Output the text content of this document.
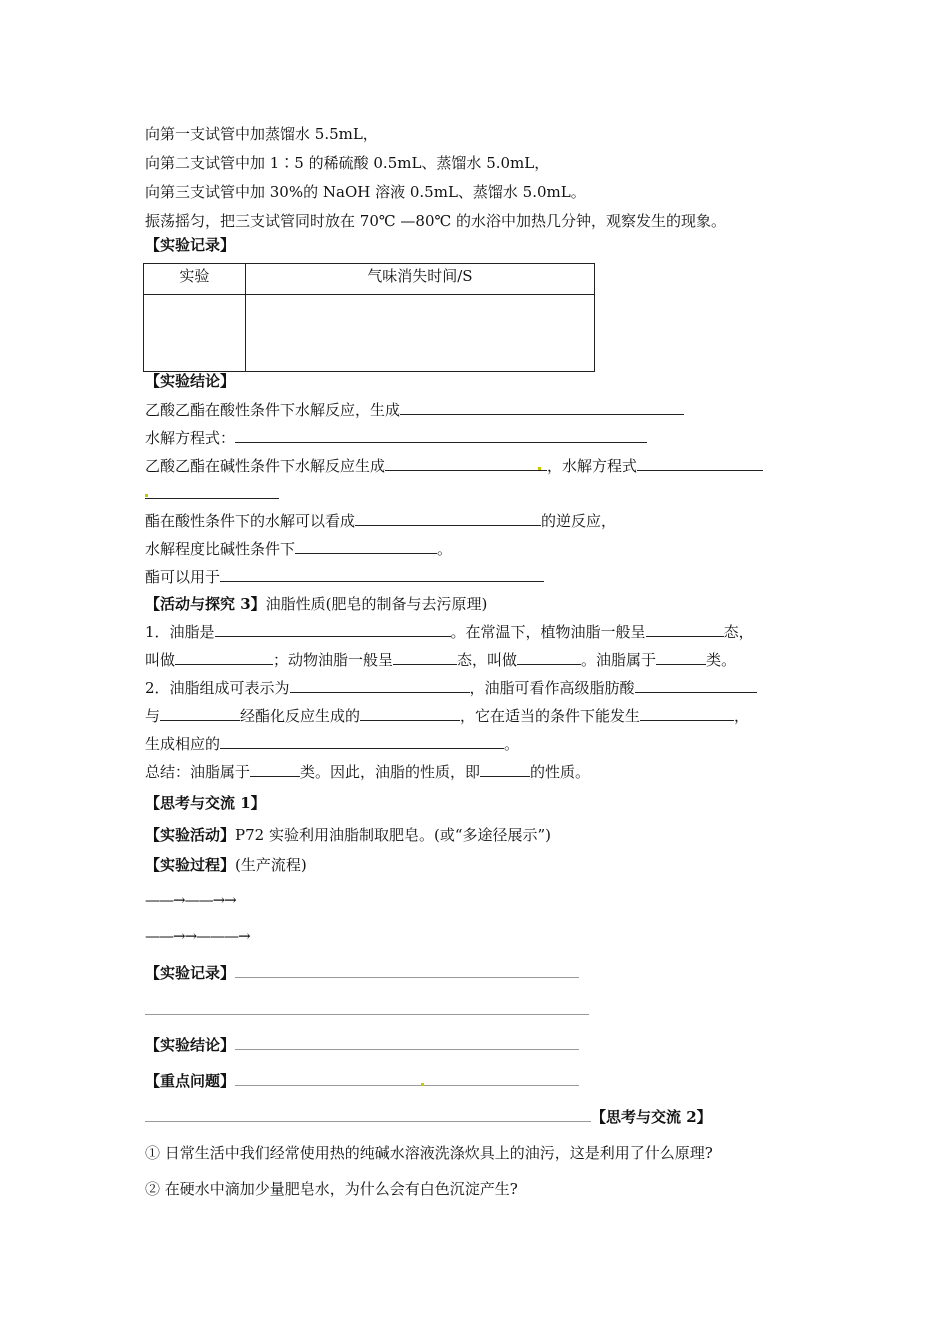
向第一支试管中加蒸馏水 5.5mL，
向第二支试管中加 1∶5 的稀硫酸 0.5mL、蒸馏水 5.0mL，
向第三支试管中加 30%的 NaOH 溶液 0.5mL、蒸馏水 5.0mL。
振荡摇匀，把三支试管同时放在 70℃ —80℃ 的水浴中加热几分钟，观察发生的现象。
【实验记录】
实验	气味消失时间/S

【实验结论】
乙酸乙酯在酸性条件下水解反应，生成
水解方程式：
乙酸乙酯在碱性条件下水解反应生成	，水解方程式
酯在酸性条件下的水解可以看成	的逆反应，
水解程度比碱性条件下	。
酯可以用于
【活动与探究 3】油脂性质(肥皂的制备与去污原理)
1．油脂是	。在常温下，植物油脂一般呈	态，
叫做	；动物油脂一般呈	态，叫做	。油脂属于	类。
2．油脂组成可表示为	，油脂可看作高级脂肪酸
与	经酯化反应生成的	，它在适当的条件下能发生	，
生成相应的	。
总结：油脂属于	类。因此，油脂的性质，即	的性质。
【思考与交流 1】
【实验活动】P72 实验利用油脂制取肥皂。(或“多途径展示”)
【实验过程】(生产流程)
——→——→→
——→→———→
【实验记录】
【实验结论】
【重点问题】
【思考与交流 2】
① 日常生活中我们经常使用热的纯碱水溶液洗涤炊具上的油污，这是利用了什么原理?
② 在硬水中滴加少量肥皂水，为什么会有白色沉淀产生?
